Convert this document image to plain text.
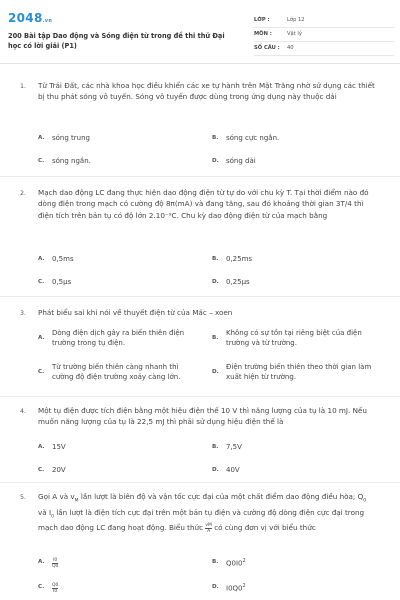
2048.vn
200 Bài tập Dao động và Sóng điện từ trong đề thi thử Đại học có lời giải (P1)
LỚP :	Lớp 12
MÔN :	Vật lý
SỐ CÂU : 40
1. Từ Trái Đất, các nhà khoa học điều khiển các xe tự hành trên Mặt Trăng nhờ sử dụng các thiết bị thu phát sóng vô tuyến. Sóng vô tuyến được dùng trong ứng dụng này thuộc dải
A. sóng trung	B. sóng cực ngắn.
C. sóng ngắn.	D. sóng dài
2. Mạch dao động LC đang thực hiện dao động điện từ tự do với chu kỳ T. Tại thời điểm nào đó dòng điện trong mạch có cường độ 8π(mA) và đang tăng, sau đó khoảng thời gian 3T/4 thì điện tích trên bản tụ có độ lớn 2.10⁻⁹C. Chu kỳ dao động điện từ của mạch bằng
A. 0,5ms	B. 0,25ms
C. 0,5μs	D. 0,25μs
3. Phát biểu sai khi nói về thuyết điện từ của Mác – xoen
A.
Dòng điện dịch gây ra biến thiên điện trường trong tụ điện.
B.
Không có sự tồn tại riêng biệt của điện trường và từ trường.
C.
Từ trường biến thiên càng nhanh thì cường độ điện trường xoáy càng lớn.
D.
Điện trường biến thiên theo thời gian làm xuất hiện từ trường.
4. Một tụ điện được tích điện bằng một hiệu điện thế 10 V thì năng lượng của tụ là 10 mJ. Nếu muốn năng lượng của tụ là 22,5 mJ thì phải sử dụng hiệu điện thế là
A. 15V	B. 7,5V
C. 20V	D. 40V
5. Gọi A và $v_M$ lần lượt là biên độ và vận tốc cực đại của một chất điểm dao động điều hòa; $Q_0$ và $I_0$ lần lượt là điện tích cực đại trên một bản tụ điện và cường độ dòng điện cực đại trong mạch dao động LC đang hoạt động. Biểu thức $\frac{vM}{A}$ có cùng đơn vị với biểu thức
A. $\frac{I0}{Q0}$	B. $Q0I0^2$
C. $\frac{Q0}{I0}$	D. $I0Q0^2$
